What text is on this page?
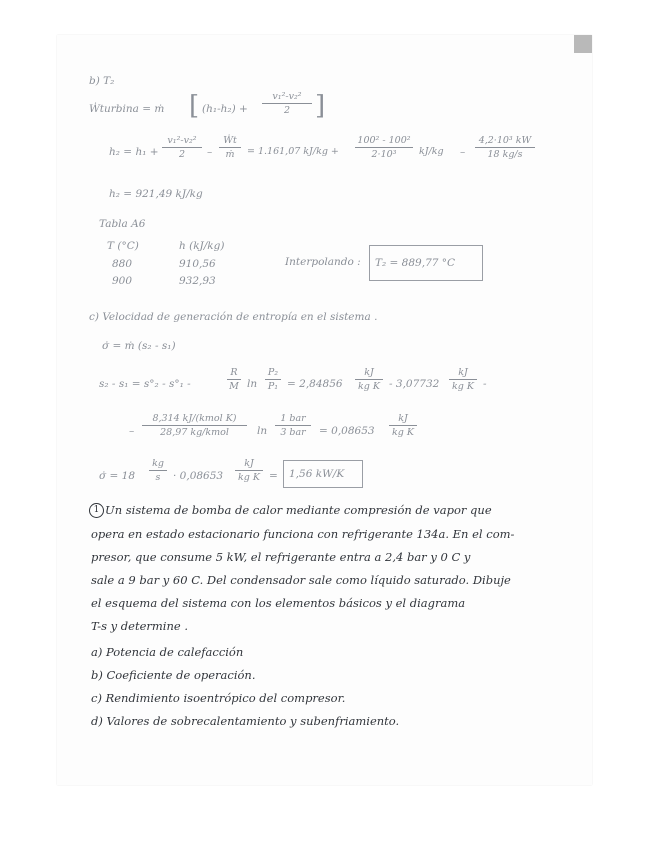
b) T₂
Ẇturbina = ṁ [ (h₁-h₂) +
v₁²-v₂²
2 ]
h₂ = h₁ +
v₁²-v₂²
2	–
Ẇt
ṁ	= 1.161,07 kJ/kg +
100² - 100²
2·10³	kJ/kg –
4,2·10³ kW
18 kg/s
h₂ = 921,49 kJ/kg
Tabla A6
T (°C)	h (kJ/kg)
880	910,56
900	932,93
Interpolando : T₂ = 889,77 °C
c) Velocidad de generación de entropía en el sistema .
σ̇ = ṁ (s₂ - s₁)
s₂ - s₁ = s°₂ - s°₁ -
R
M ln
P₂
P₁ = 2,84856
kJ
kg K - 3,07732
kJ
kg K -
–
8,314 kJ/(kmol K)
28,97 kg/kmol	ln
1 bar
3 bar	= 0,08653
kJ
kg K
σ̇ = 18
kg
s	· 0,08653
kJ
kg K = 1,56 kW/K
1 Un sistema de bomba de calor mediante compresión de vapor que
opera en estado estacionario funciona con refrigerante 134a. En el com-
presor, que consume 5 kW, el refrigerante entra a 2,4 bar y 0 C y
sale a 9 bar y 60 C. Del condensador sale como líquido saturado. Dibuje
el esquema del sistema con los elementos básicos y el diagrama
T-s y determine .
a) Potencia de calefacción
b) Coeficiente de operación.
c) Rendimiento isoentrópico del compresor.
d) Valores de sobrecalentamiento y subenfriamiento.
